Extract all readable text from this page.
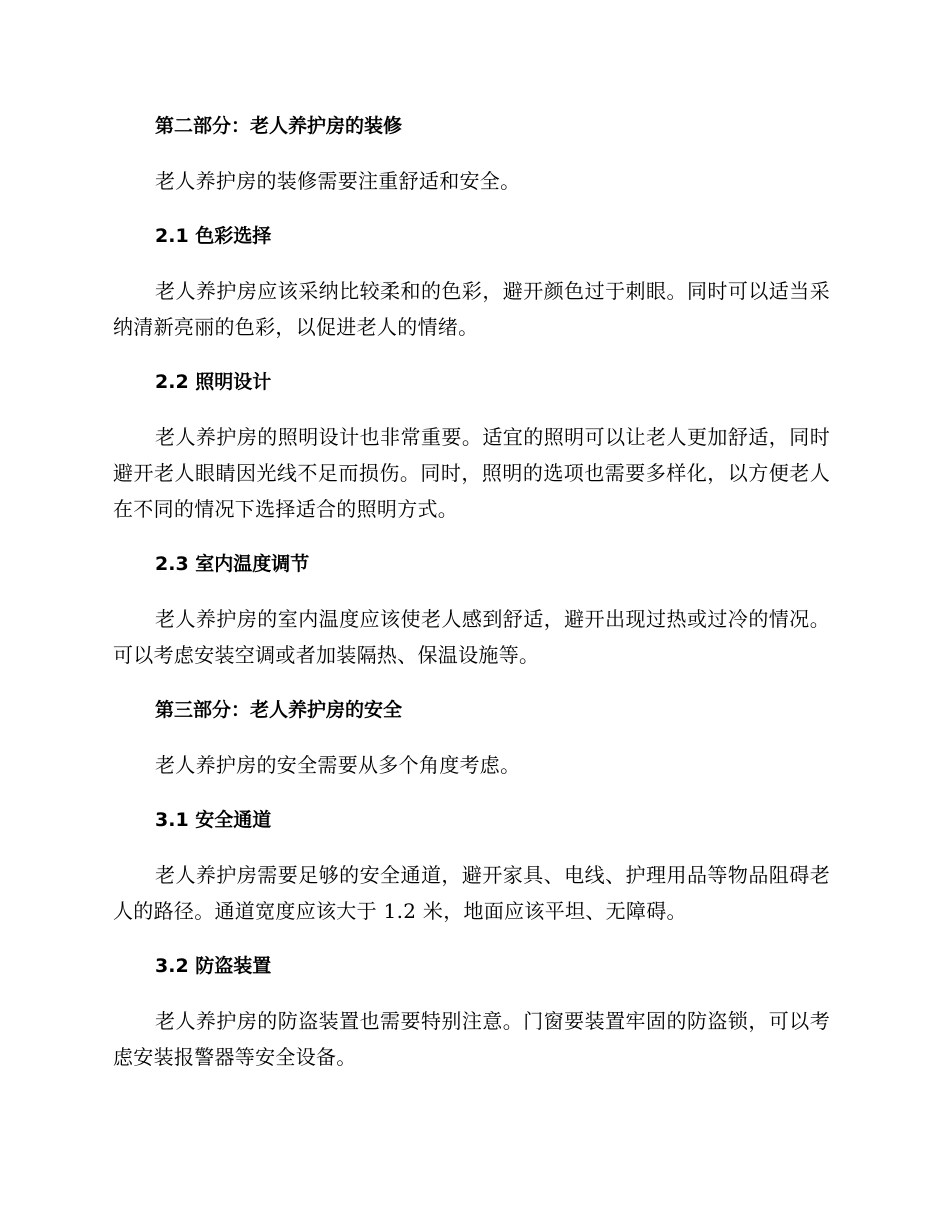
第二部分：老人养护房的装修

老人养护房的装修需要注重舒适和安全。

2.1 色彩选择

老人养护房应该采纳比较柔和的色彩，避开颜色过于刺眼。同时可以适当采纳清新亮丽的色彩，以促进老人的情绪。

2.2 照明设计

老人养护房的照明设计也非常重要。适宜的照明可以让老人更加舒适，同时避开老人眼睛因光线不足而损伤。同时，照明的选项也需要多样化，以方便老人在不同的情况下选择适合的照明方式。

2.3 室内温度调节

老人养护房的室内温度应该使老人感到舒适，避开出现过热或过冷的情况。可以考虑安装空调或者加装隔热、保温设施等。

第三部分：老人养护房的安全

老人养护房的安全需要从多个角度考虑。

3.1 安全通道

老人养护房需要足够的安全通道，避开家具、电线、护理用品等物品阻碍老人的路径。通道宽度应该大于 1.2 米，地面应该平坦、无障碍。

3.2 防盗装置

老人养护房的防盗装置也需要特别注意。门窗要装置牢固的防盗锁，可以考虑安装报警器等安全设备。
